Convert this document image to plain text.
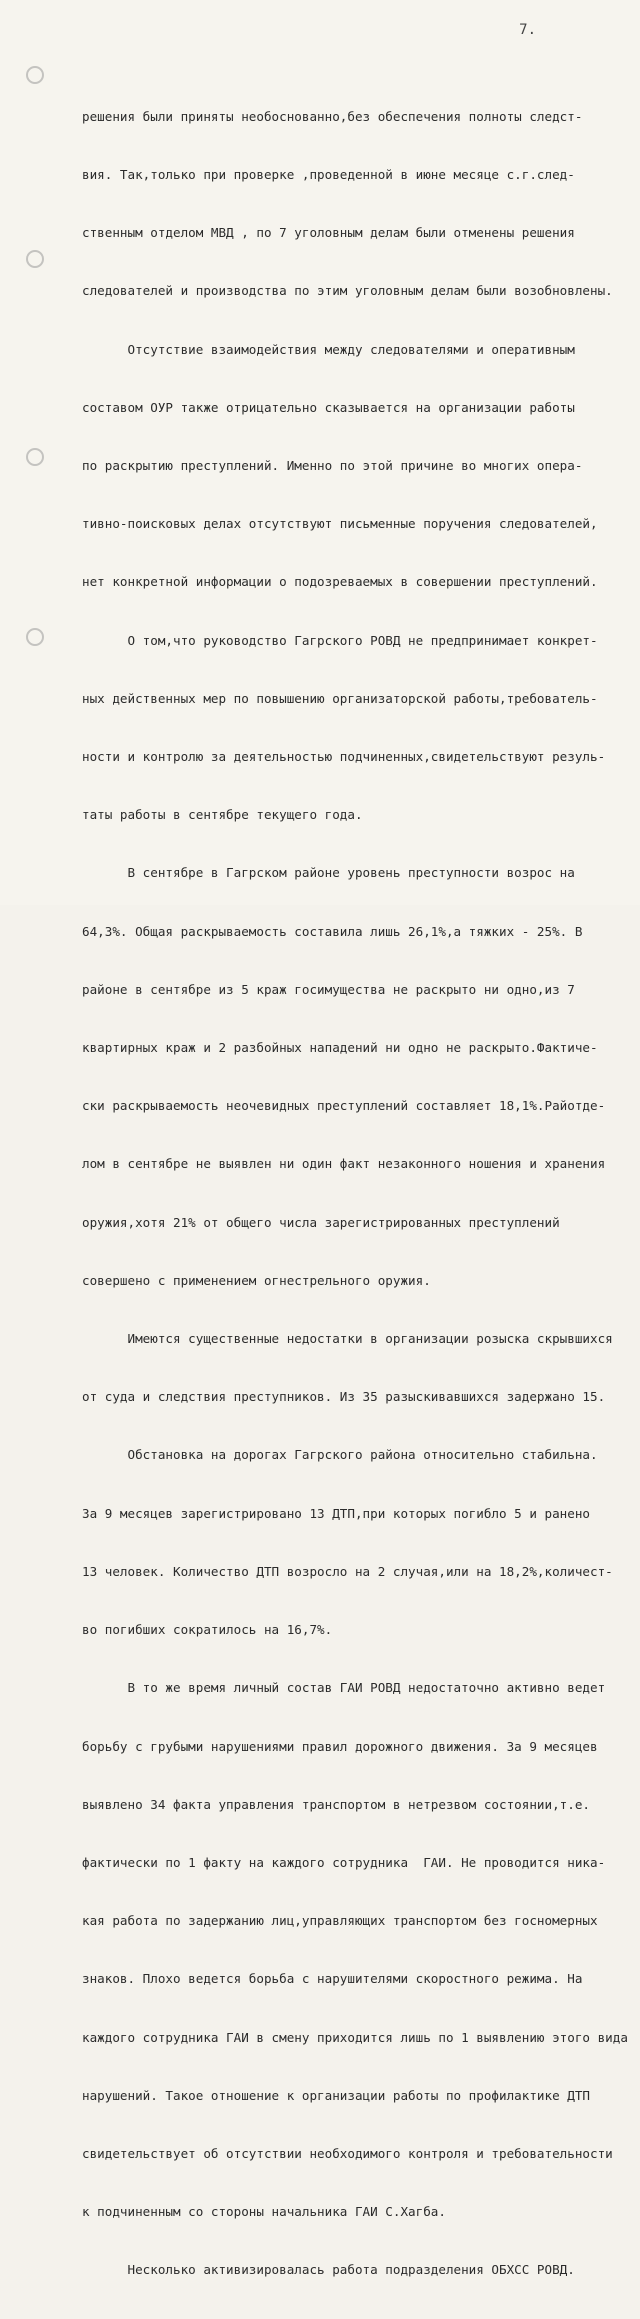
7.

решения были приняты необоснованно,без обеспечения полноты следст-

вия. Так,только при проверке ,проведенной в июне месяце с.г.след-

ственным отделом МВД , по 7 уголовным делам были отменены решения

следователей и производства по этим уголовным делам были возобновлены.

Отсутствие взаимодействия между следователями и оперативным

составом ОУР также отрицательно сказывается на организации работы

по раскрытию преступлений. Именно по этой причине во многих опера-

тивно-поисковых делах отсутствуют письменные поручения следователей,

нет конкретной информации о подозреваемых в совершении преступлений.

О том,что руководство Гагрского РОВД не предпринимает конкрет-

ных действенных мер по повышению организаторской работы,требователь-

ности и контролю за деятельностью подчиненных,свидетельствуют резуль-

таты работы в сентябре текущего года.

В сентябре в Гагрском районе уровень преступности возрос на

64,3%. Общая раскрываемость составила лишь 26,1%,а тяжких - 25%. В

районе в сентябре из 5 краж госимущества не раскрыто ни одно,из 7

квартирных краж и 2 разбойных нападений ни одно не раскрыто.Фактиче-

ски раскрываемость неочевидных преступлений составляет 18,1%.Райотде-

лом в сентябре не выявлен ни один факт незаконного ношения и хранения

оружия,хотя 21% от общего числа зарегистрированных преступлений

совершено с применением огнестрельного оружия.

Имеются существенные недостатки в организации розыска скрывшихся

от суда и следствия преступников. Из 35 разыскивавшихся задержано 15.

Обстановка на дорогах Гагрского района относительно стабильна.

За 9 месяцев зарегистрировано 13 ДТП,при которых погибло 5 и ранено

13 человек. Количество ДТП возросло на 2 случая,или на 18,2%,количест-

во погибших сократилось на 16,7%.

В то же время личный состав ГАИ РОВД недостаточно активно ведет

борьбу с грубыми нарушениями правил дорожного движения. За 9 месяцев

выявлено 34 факта управления транспортом в нетрезвом состоянии,т.е.

фактически по 1 факту на каждого сотрудника  ГАИ. Не проводится ника-

кая работа по задержанию лиц,управляющих транспортом без госномерных

знаков. Плохо ведется борьба с нарушителями скоростного режима. На

каждого сотрудника ГАИ в смену приходится лишь по 1 выявлению этого вида

нарушений. Такое отношение к организации работы по профилактике ДТП

свидетельствует об отсутствии необходимого контроля и требовательности

к подчиненным со стороны начальника ГАИ С.Хагба.

Несколько активизировалась работа подразделения ОБХСС РОВД.
